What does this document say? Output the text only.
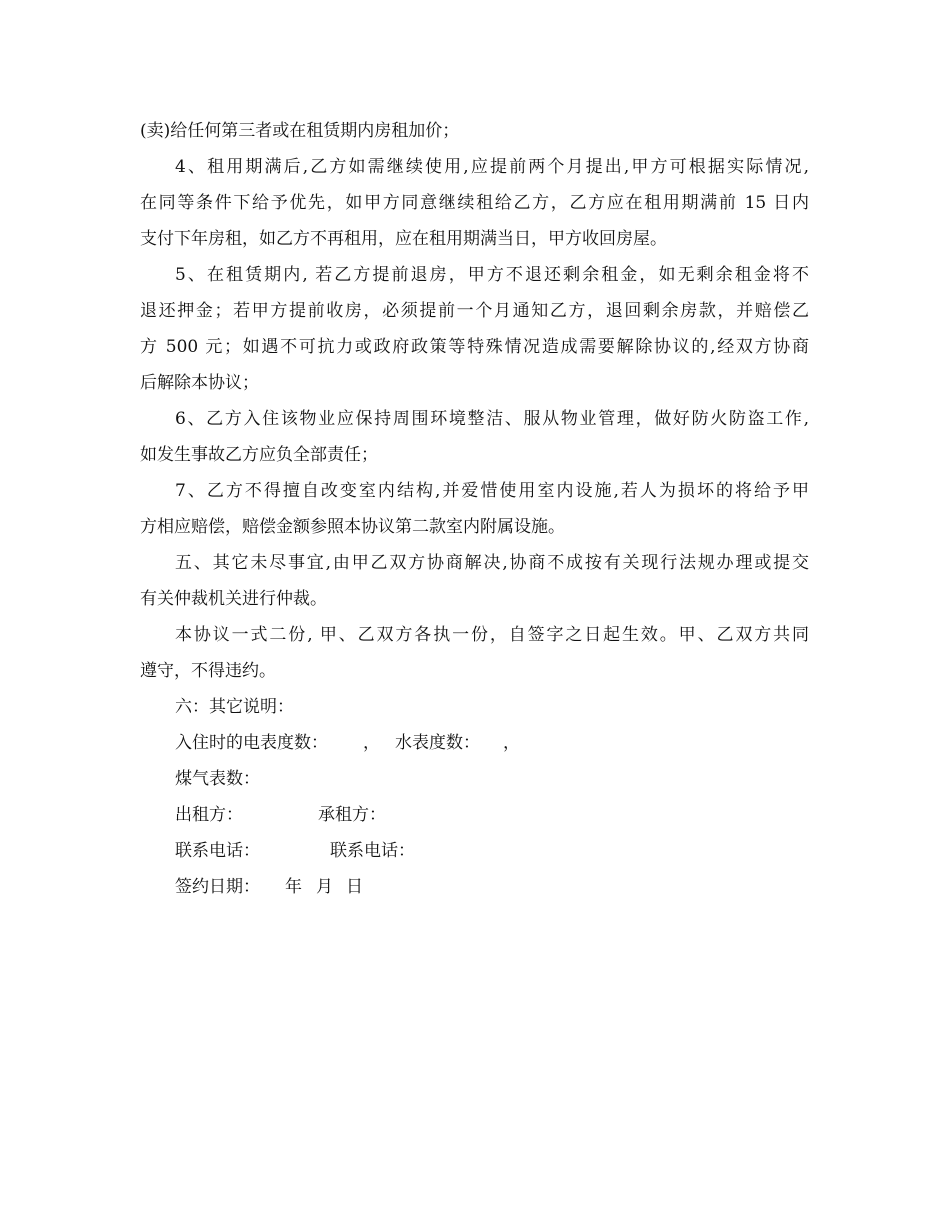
(卖)给任何第三者或在租赁期内房租加价；
4、租用期满后,乙方如需继续使用,应提前两个月提出,甲方可根据实际情况,
在同等条件下给予优先，如甲方同意继续租给乙方，乙方应在租用期满前 15 日内
支付下年房租，如乙方不再租用，应在租用期满当日，甲方收回房屋。
5、在租赁期内, 若乙方提前退房，甲方不退还剩余租金，如无剩余租金将不
退还押金；若甲方提前收房，必须提前一个月通知乙方，退回剩余房款，并赔偿乙
方 500 元；如遇不可抗力或政府政策等特殊情况造成需要解除协议的,经双方协商
后解除本协议；
6、乙方入住该物业应保持周围环境整洁、服从物业管理，做好防火防盗工作,
如发生事故乙方应负全部责任；
7、乙方不得擅自改变室内结构,并爱惜使用室内设施,若人为损坏的将给予甲
方相应赔偿，赔偿金额参照本协议第二款室内附属设施。
五、其它未尽事宜,由甲乙双方协商解决,协商不成按有关现行法规办理或提交
有关仲裁机关进行仲裁。
本协议一式二份, 甲、乙双方各执一份，自签字之日起生效。甲、乙双方共同
遵守，不得违约。
六：其它说明：
入住时的电表度数： ， 水表度数： ，
煤气表数：
出租方：	承租方：
联系电话：	联系电话：
签约日期： 年 月 日
